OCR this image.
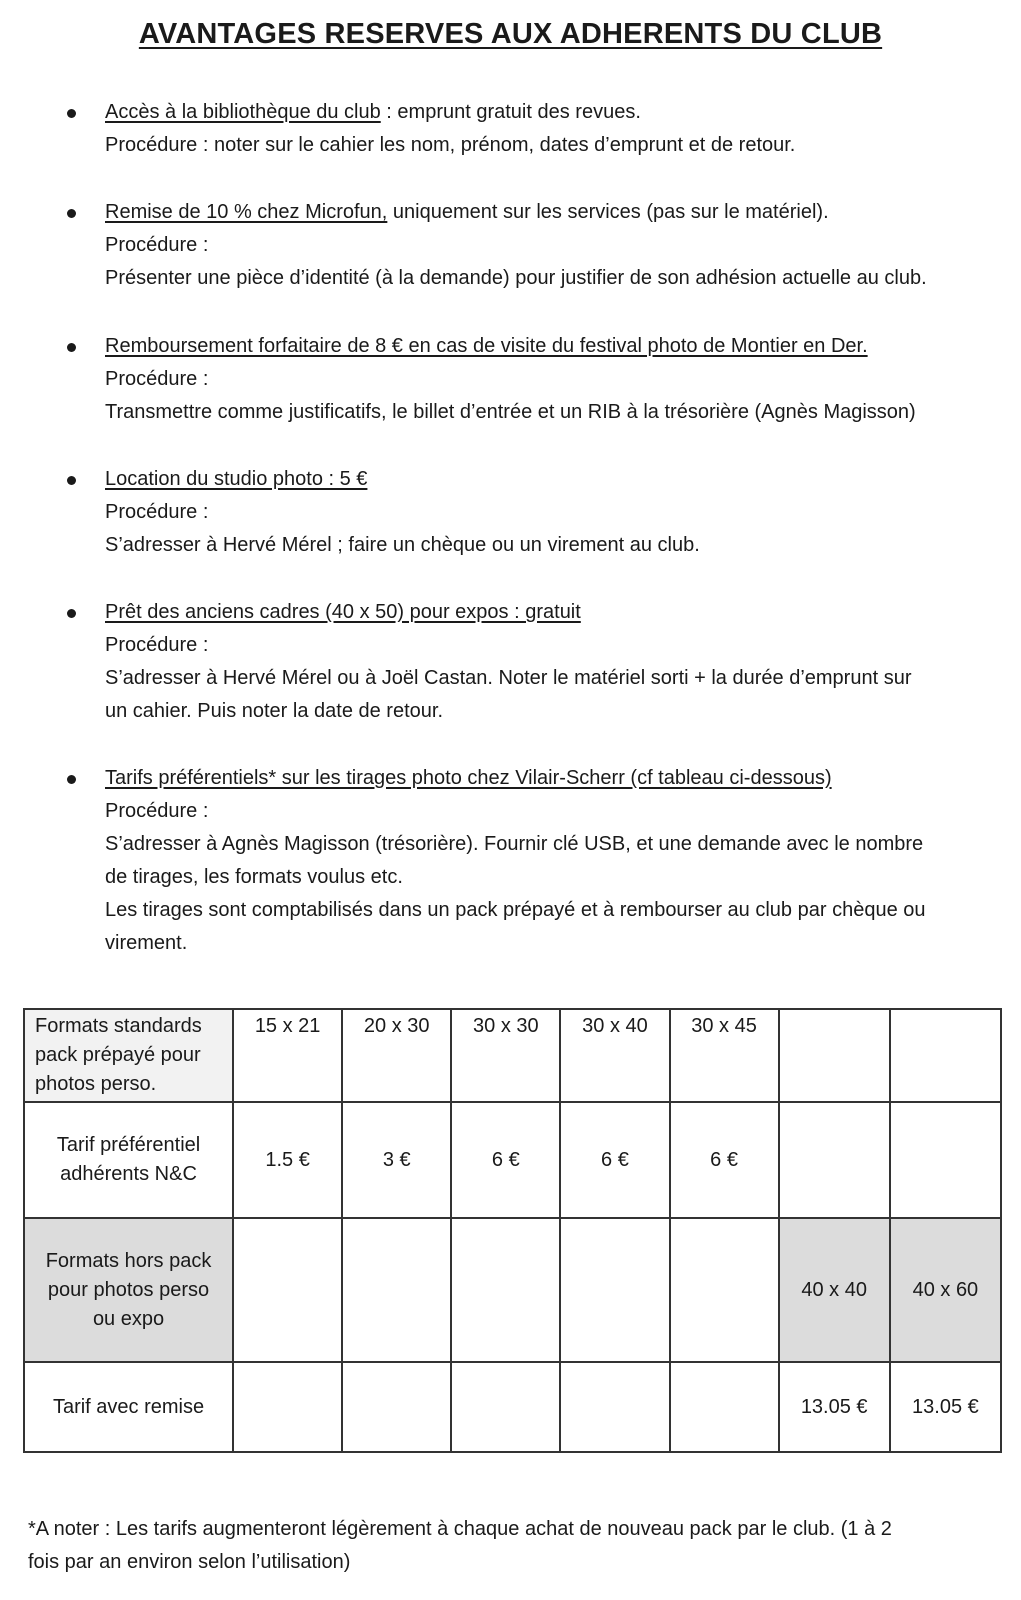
AVANTAGES RESERVES AUX ADHERENTS DU CLUB
Accès à la bibliothèque du club : emprunt gratuit des revues.
Procédure : noter sur le cahier les nom, prénom, dates d’emprunt et de retour.
Remise de 10 % chez Microfun, uniquement sur les services (pas sur le matériel).
Procédure :
Présenter une pièce d’identité (à la demande) pour justifier de son adhésion actuelle au club.
Remboursement forfaitaire de 8 € en cas de visite du festival photo de Montier en Der.
Procédure :
Transmettre comme justificatifs, le billet d’entrée et un RIB à la trésorière (Agnès Magisson)
Location du studio photo : 5 €
Procédure :
S’adresser à Hervé Mérel ; faire un chèque ou un virement au club.
Prêt des anciens cadres (40 x 50) pour expos : gratuit
Procédure :
S’adresser à Hervé Mérel ou à Joël Castan. Noter le matériel sorti + la durée d’emprunt sur
un cahier. Puis noter la date de retour.
Tarifs préférentiels* sur les tirages photo chez Vilair-Scherr (cf tableau ci-dessous)
Procédure :
S’adresser à Agnès Magisson (trésorière). Fournir clé USB, et une demande avec le nombre
de tirages, les formats voulus etc.
Les tirages sont comptabilisés dans un pack prépayé et à rembourser au club par chèque ou
virement.
Formats standards
pack prépayé pour
photos perso.	15 x 21	20 x 30	30 x 30	30 x 40	30 x 45		

Tarif préférentiel
adhérents N&C	1.5 €	3 €	6 €	6 €	6 €		

Formats hors pack
pour photos perso
ou expo						40 x 40	40 x 60
Tarif avec remise						13.05 €	13.05 €
*A noter : Les tarifs augmenteront légèrement à chaque achat de nouveau pack par le club. (1 à 2
fois par an environ selon l’utilisation)
